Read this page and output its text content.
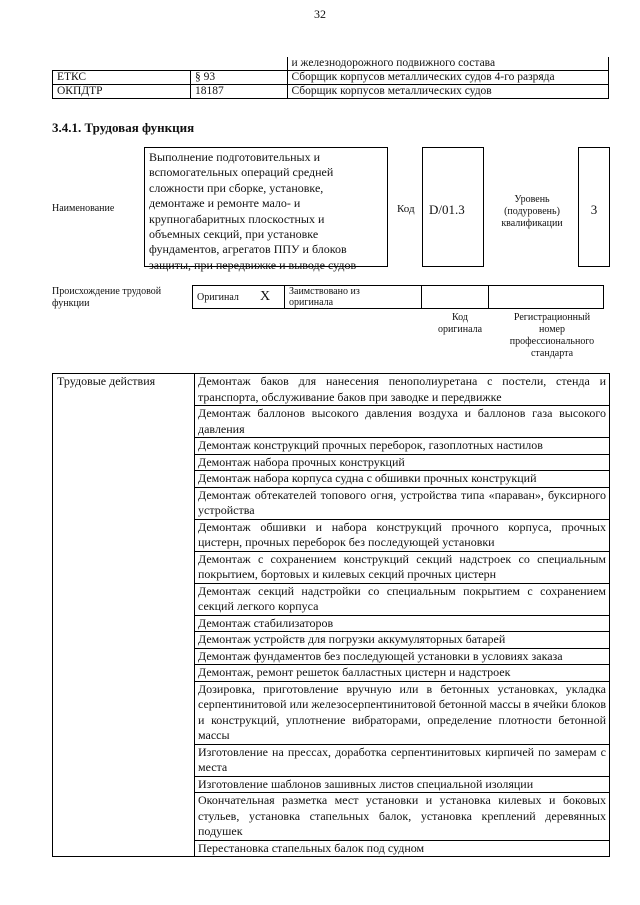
32
		и железнодорожного подвижного состава
ЕТКС	§ 93	Сборщик корпусов металлических судов 4-го разряда
ОКПДТР	18187	Сборщик корпусов металлических судов
3.4.1. Трудовая функция
Наименование
Выполнение подготовительных и
вспомогательных операций средней
сложности при сборке, установке,
демонтаже и ремонте мало- и
крупногабаритных плоскостных и
объемных секций, при установке
фундаментов, агрегатов ППУ и блоков
защиты, при передвижке и выводе судов
Код D/01.3
Уровень
(подуровень)
квалификации
3
Происхождение трудовой
функции
Оригинал	X	Заимствовано из
оригинала

Код
оригинала
Регистрационный
номер
профессионального
стандарта
Трудовые действия	Демонтаж баков для нанесения пенополиуретана с постели, стенда и транспорта, обслуживание баков при заводке и передвижке
Демонтаж баллонов высокого давления воздуха и баллонов газа высокого давления
Демонтаж конструкций прочных переборок, газоплотных настилов
Демонтаж набора прочных конструкций
Демонтаж набора корпуса судна с обшивки прочных конструкций
Демонтаж обтекателей топового огня, устройства типа «параван», буксирного устройства
Демонтаж обшивки и набора конструкций прочного корпуса, прочных цистерн, прочных переборок без последующей установки
Демонтаж с сохранением конструкций секций надстроек со специальным покрытием, бортовых и килевых секций прочных цистерн
Демонтаж секций надстройки со специальным покрытием с сохранением секций легкого корпуса
Демонтаж стабилизаторов
Демонтаж устройств для погрузки аккумуляторных батарей
Демонтаж фундаментов без последующей установки в условиях заказа
Демонтаж, ремонт решеток балластных цистерн и надстроек
Дозировка, приготовление вручную или в бетонных установках, укладка серпентинитовой или железосерпентинитовой бетонной массы в ячейки блоков и конструкций, уплотнение вибраторами, определение плотности бетонной массы
Изготовление на прессах, доработка серпентинитовых кирпичей по замерам с места
Изготовление шаблонов зашивных листов специальной изоляции
Окончательная разметка мест установки и установка килевых и боковых стульев, установка стапельных балок, установка креплений деревянных подушек
Перестановка стапельных балок под судном
